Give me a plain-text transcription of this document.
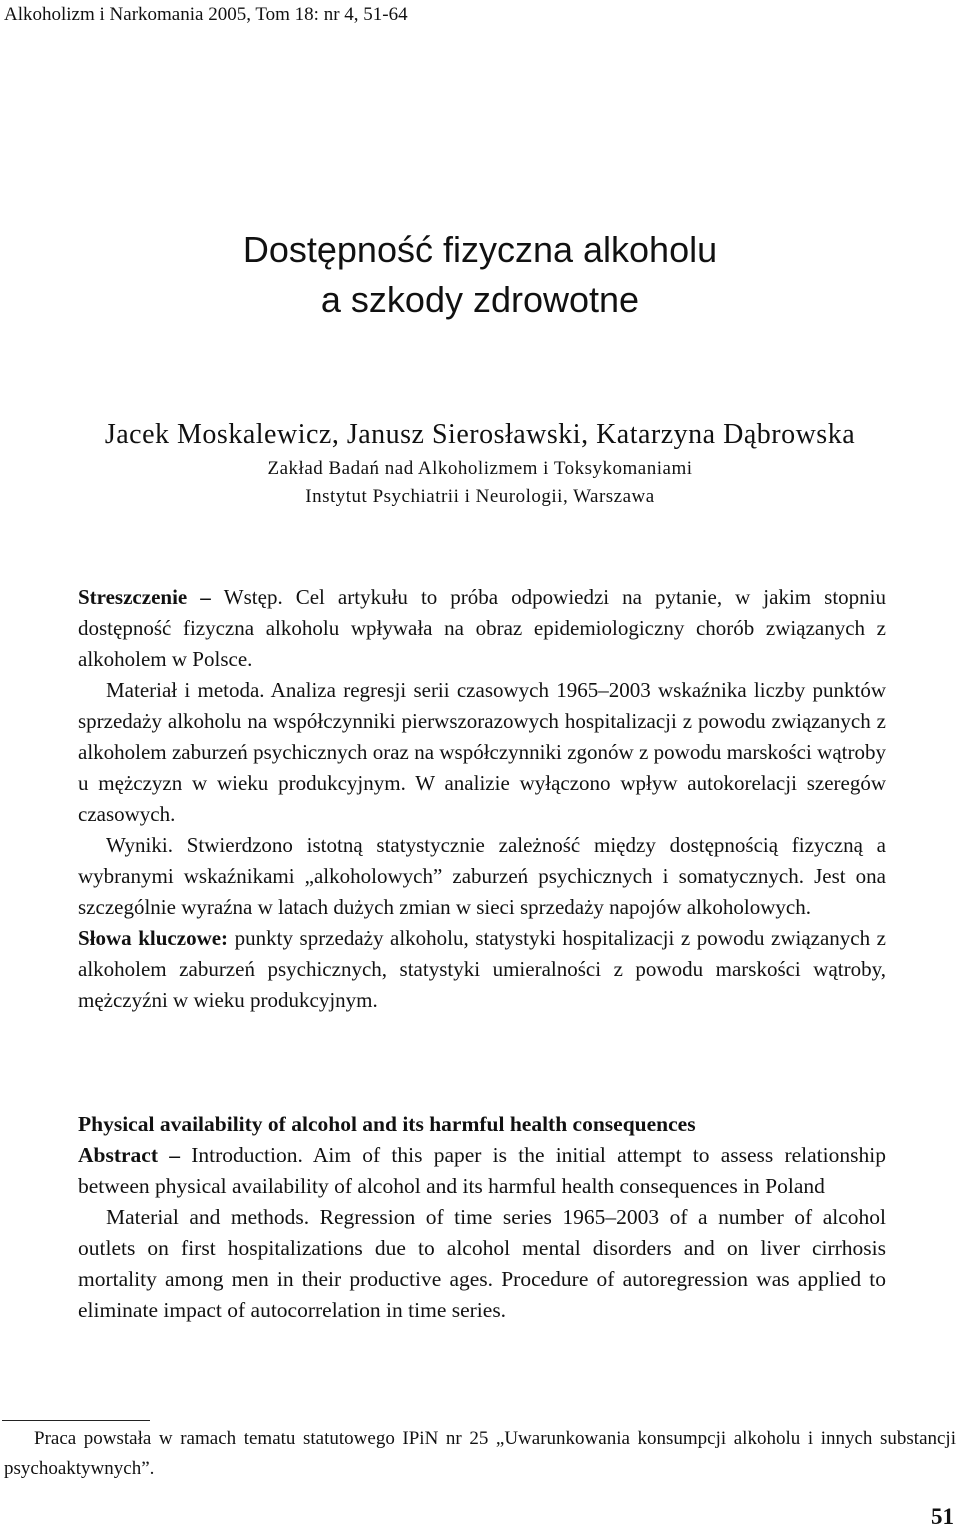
Alkoholizm i Narkomania 2005, Tom 18: nr 4, 51-64
Dostępność fizyczna alkoholu
a szkody zdrowotne
Jacek Moskalewicz, Janusz Sierosławski, Katarzyna Dąbrowska
Zakład Badań nad Alkoholizmem i Toksykomaniami
Instytut Psychiatrii i Neurologii, Warszawa

Streszczenie – Wstęp. Cel artykułu to próba odpowiedzi na pytanie, w jakim stopniu dostępność fizyczna alkoholu wpływała na obraz epidemiologiczny chorób związanych z alkoholem w Polsce.

Materiał i metoda. Analiza regresji serii czasowych 1965–2003 wskaźnika liczby punktów sprzedaży alkoholu na współczynniki pierwszorazowych hospitalizacji z powodu związanych z alkoholem zaburzeń psychicznych oraz na współczynniki zgonów z powodu marskości wątroby u mężczyzn w wieku produkcyjnym. W analizie wyłączono wpływ autokorelacji szeregów czasowych.

Wyniki. Stwierdzono istotną statystycznie zależność między dostępnością fizyczną a wybranymi wskaźnikami „alkoholowych” zaburzeń psychicznych i somatycznych. Jest ona szczególnie wyraźna w latach dużych zmian w sieci sprzedaży napojów alkoholowych.

Słowa kluczowe: punkty sprzedaży alkoholu, statystyki hospitalizacji z powodu związanych z alkoholem zaburzeń psychicznych, statystyki umieralności z powodu marskości wątroby, mężczyźni w wieku produkcyjnym.

Physical availability of alcohol and its harmful health consequences

Abstract – Introduction. Aim of this paper is the initial attempt to assess relationship between physical availability of alcohol and its harmful health consequences in Poland

Material and methods. Regression of time series 1965–2003 of a number of alcohol outlets on first hospitalizations due to alcohol mental disorders and on liver cirrhosis mortality among men in their productive ages. Procedure of autoregression was applied to eliminate impact of autocorrelation in time series.

Praca powstała w ramach tematu statutowego IPiN nr 25 „Uwarunkowania konsumpcji alkoholu i innych substancji psychoaktywnych”.
51
